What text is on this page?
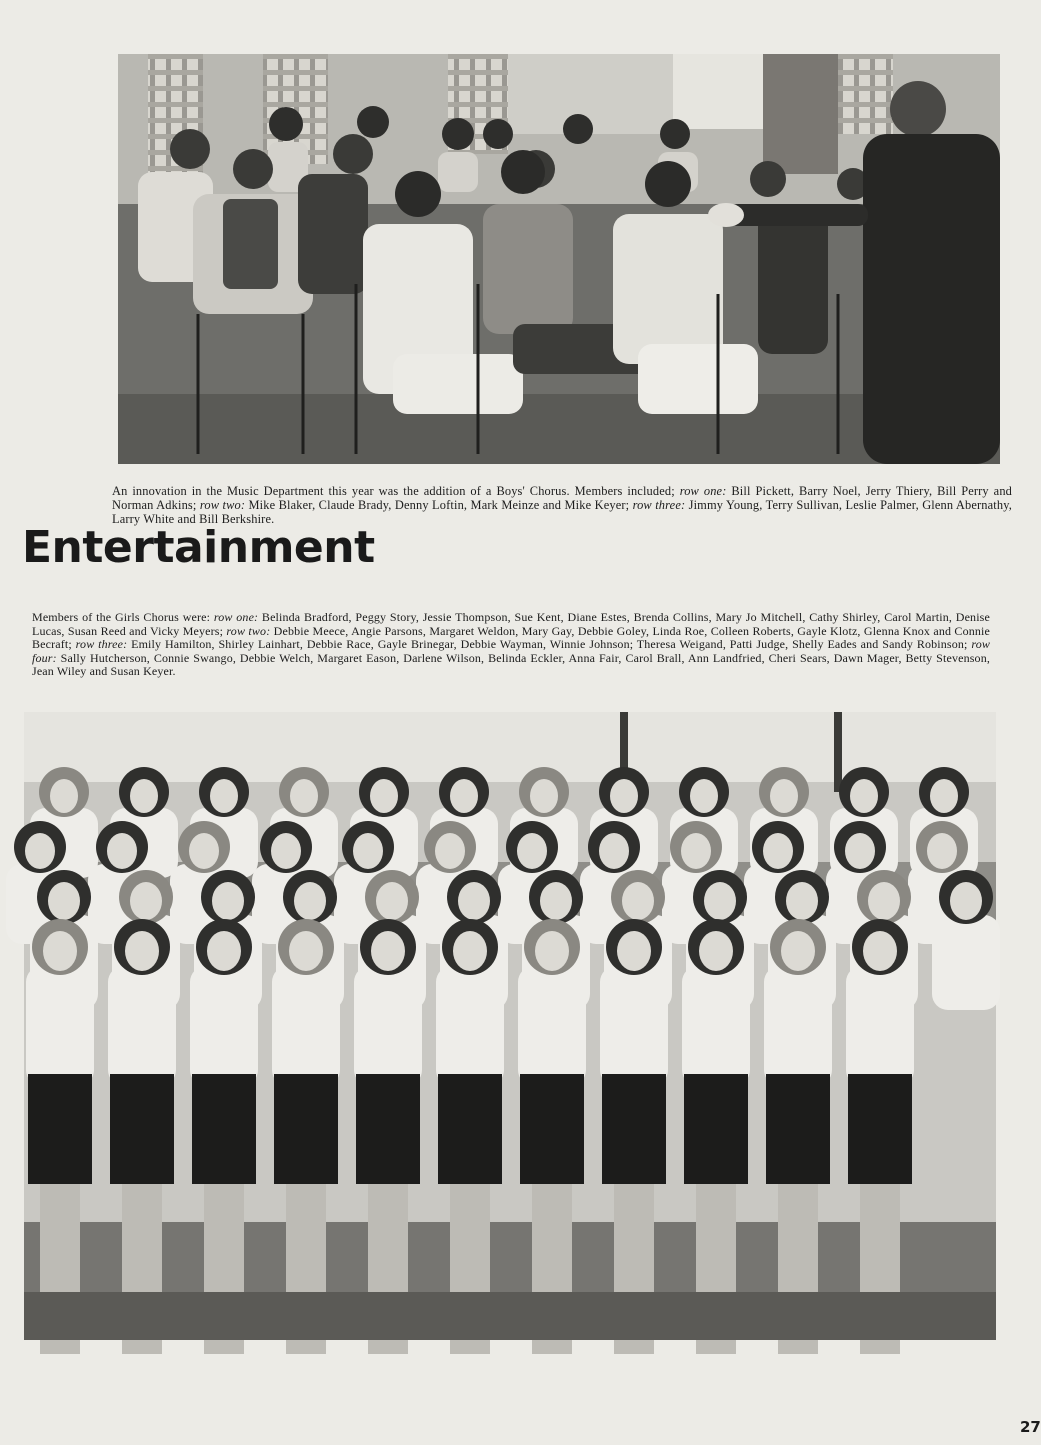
An innovation in the Music Department this year was the addition of a Boys' Chorus. Members included; row one: Bill Pickett, Barry Noel, Jerry Thiery, Bill Perry and Norman Adkins; row two: Mike Blaker, Claude Brady, Denny Loftin, Mark Meinze and Mike Keyer; row three: Jimmy Young, Terry Sullivan, Leslie Palmer, Glenn Abernathy, Larry White and Bill Berkshire.

Entertainment

Members of the Girls Chorus were: row one: Belinda Bradford, Peggy Story, Jessie Thompson, Sue Kent, Diane Estes, Brenda Collins, Mary Jo Mitchell, Cathy Shirley, Carol Martin, Denise Lucas, Susan Reed and Vicky Meyers; row two: Debbie Meece, Angie Parsons, Margaret Weldon, Mary Gay, Debbie Goley, Linda Roe, Colleen Roberts, Gayle Klotz, Glenna Knox and Connie Becraft; row three: Emily Hamilton, Shirley Lainhart, Debbie Race, Gayle Brinegar, Debbie Wayman, Winnie Johnson; Theresa Weigand, Patti Judge, Shelly Eades and Sandy Robinson; row four: Sally Hutcherson, Connie Swango, Debbie Welch, Margaret Eason, Darlene Wilson, Belinda Eckler, Anna Fair, Carol Brall, Ann Landfried, Cheri Sears, Dawn Mager, Betty Stevenson, Jean Wiley and Susan Keyer.

27
